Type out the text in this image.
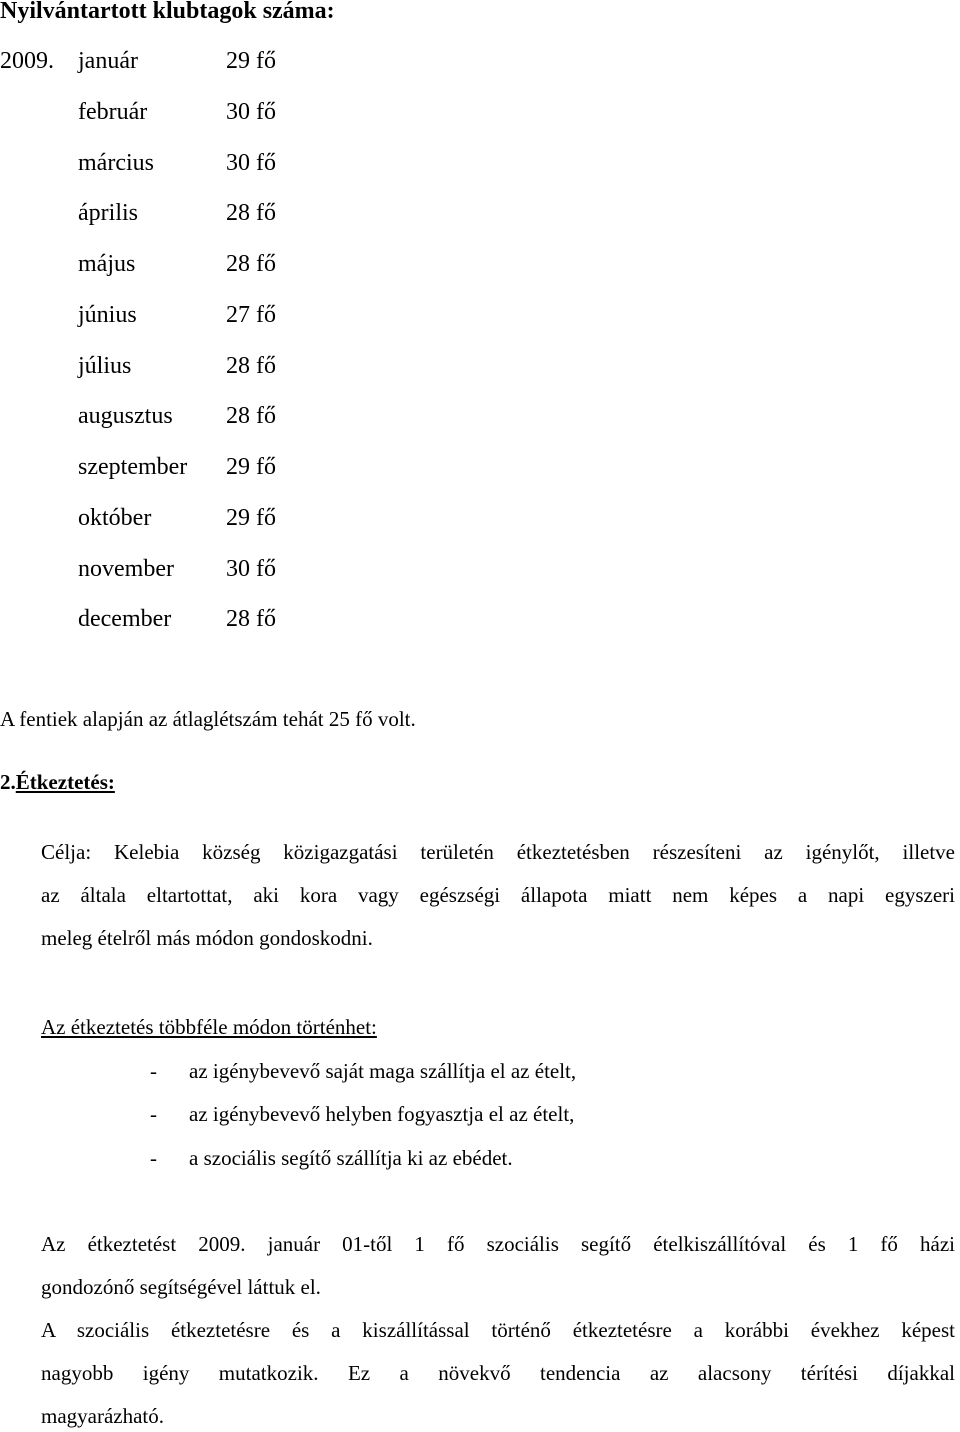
Nyilvántartott klubtagok száma:
2009. január	29 fő
február	30 fő
március	30 fő
április	28 fő
május	28 fő
június	27 fő
július	28 fő
augusztus 28 fő
szeptember 29 fő
október	29 fő
november 30 fő
december 28 fő
A fentiek alapján az átlaglétszám tehát 25 fő volt.
2.Étkeztetés:
Célja: Kelebia község közigazgatási területén étkeztetésben részesíteni az igénylőt, illetve
az általa eltartottat, aki kora vagy egészségi állapota miatt nem képes a napi egyszeri
meleg ételről más módon gondoskodni.
Az étkeztetés többféle módon történhet:
- az igénybevevő saját maga szállítja el az ételt,
- az igénybevevő helyben fogyasztja el az ételt,
- a szociális segítő szállítja ki az ebédet.
Az étkeztetést 2009. január 01-től 1 fő szociális segítő ételkiszállítóval és 1 fő házi
gondozónő segítségével láttuk el.
A szociális étkeztetésre és a kiszállítással történő étkeztetésre a korábbi évekhez képest
nagyobb igény mutatkozik. Ez a növekvő tendencia az alacsony térítési díjakkal
magyarázható.
